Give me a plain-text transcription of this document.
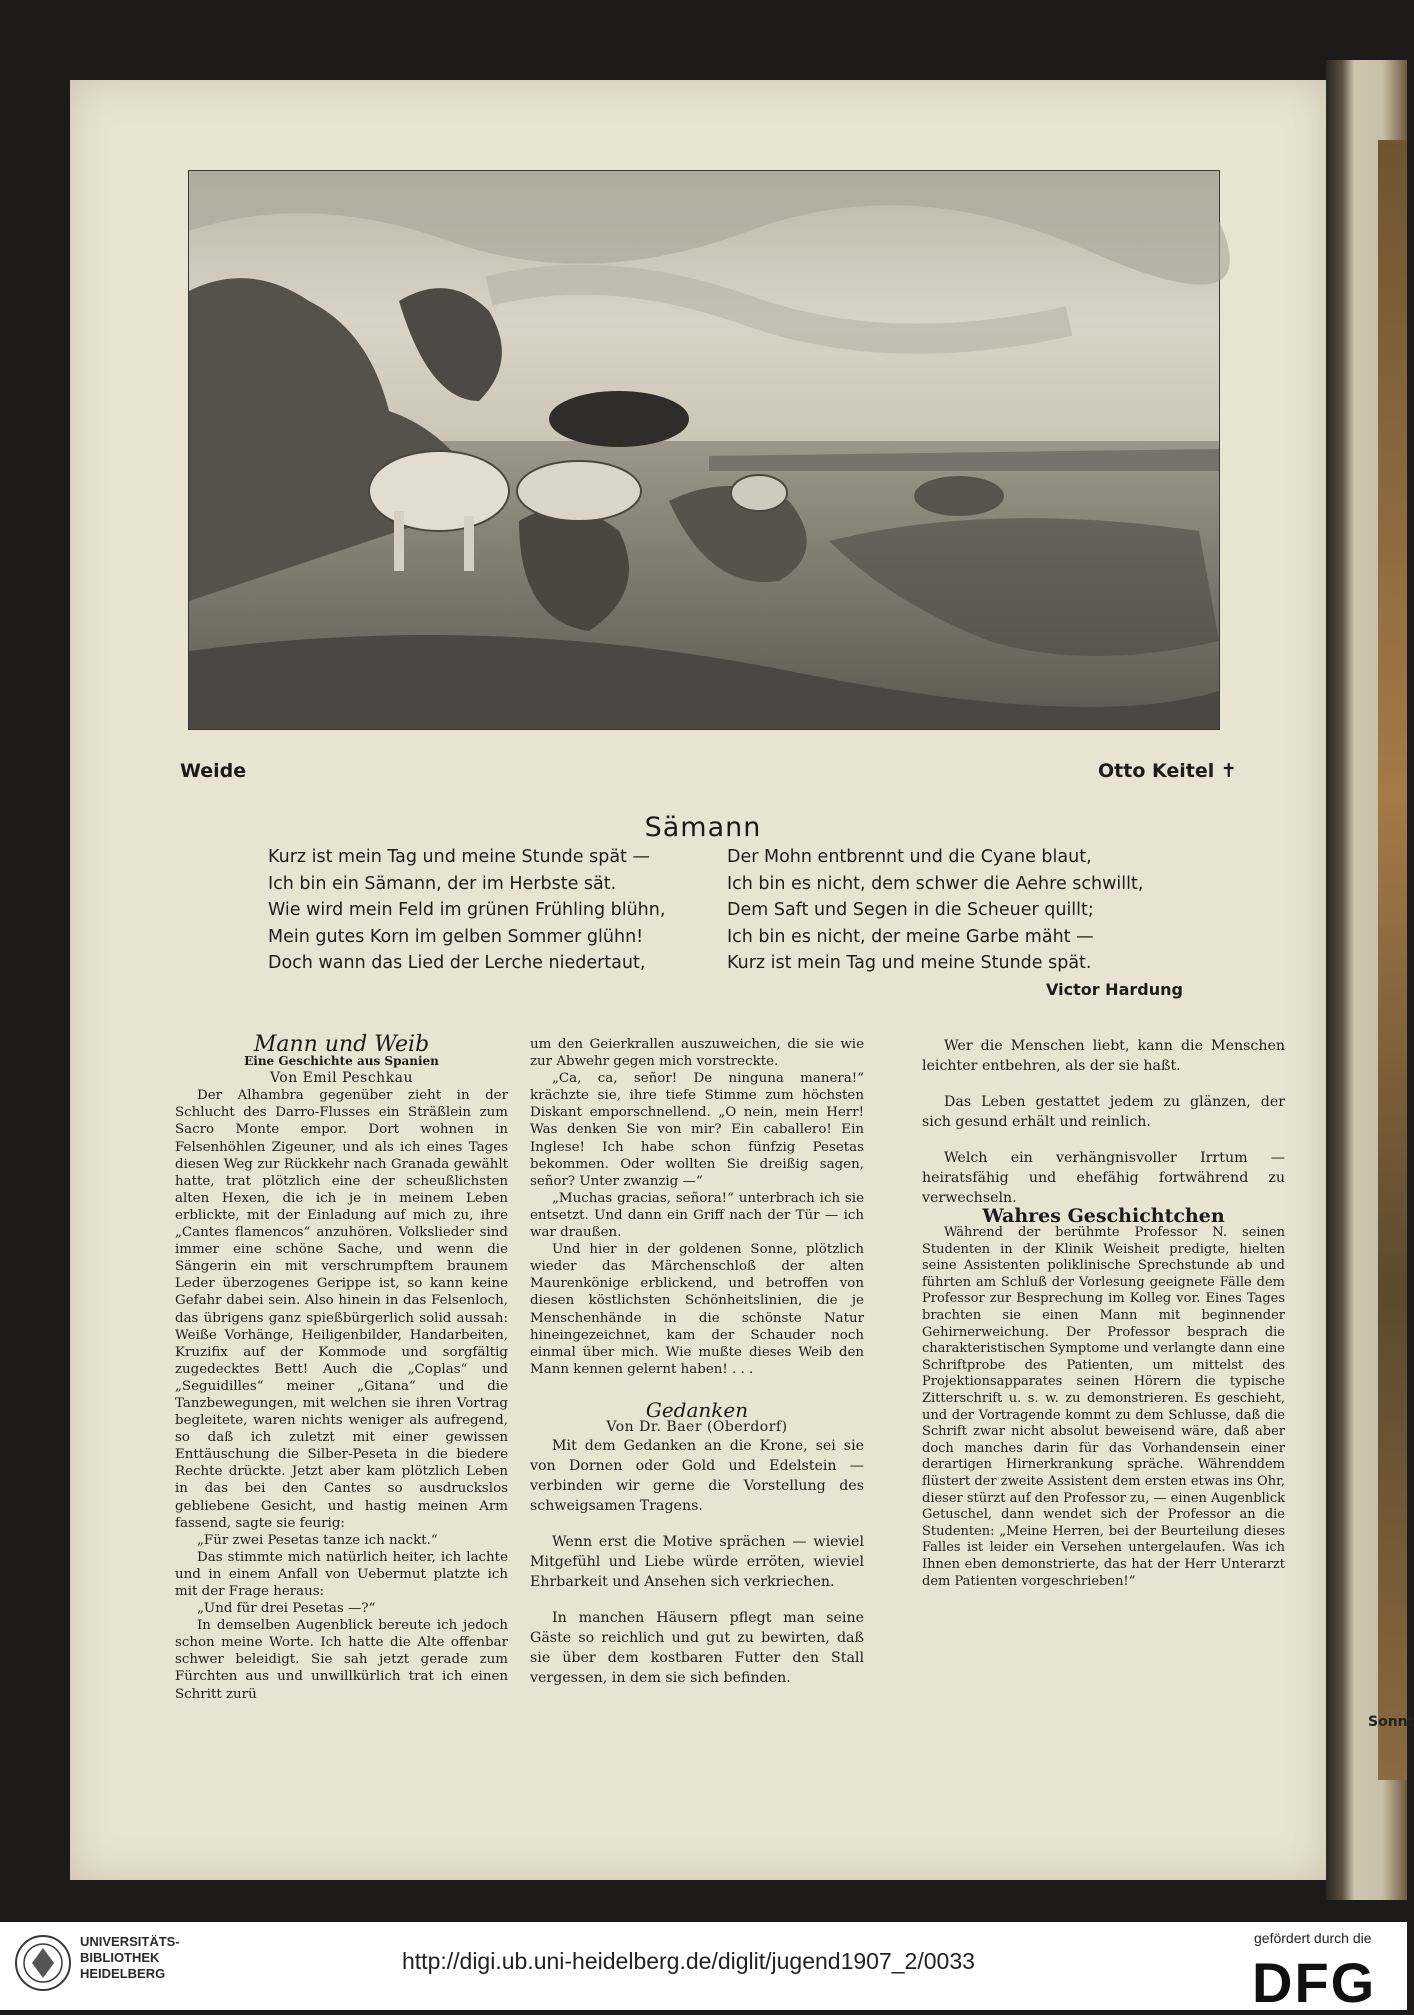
Sonnt
Weide	Otto Keitel ✝
Sämann
Kurz ist mein Tag und meine Stunde spät —
Ich bin ein Sämann, der im Herbste sät.
Wie wird mein Feld im grünen Frühling blühn,
Mein gutes Korn im gelben Sommer glühn!
Doch wann das Lied der Lerche niedertaut,
Der Mohn entbrennt und die Cyane blaut,
Ich bin es nicht, dem schwer die Aehre schwillt,
Dem Saft und Segen in die Scheuer quillt;
Ich bin es nicht, der meine Garbe mäht —
Kurz ist mein Tag und meine Stunde spät.
Victor Hardung

Mann und Weib

Eine Geschichte aus Spanien

Von Emil Peschkau

Der Alhambra gegenüber zieht in der Schlucht des Darro-Flusses ein Sträßlein zum Sacro Monte empor. Dort wohnen in Felsenhöhlen Zigeuner, und als ich eines Tages diesen Weg zur Rückkehr nach Granada gewählt hatte, trat plötzlich eine der scheußlichsten alten Hexen, die ich je in meinem Leben erblickte, mit der Einladung auf mich zu, ihre „Cantes flamencos“ anzuhören. Volkslieder sind immer eine schöne Sache, und wenn die Sängerin ein mit verschrumpftem braunem Leder überzogenes Gerippe ist, so kann keine Gefahr dabei sein. Also hinein in das Felsenloch, das übrigens ganz spießbürgerlich solid aussah: Weiße Vorhänge, Heiligenbilder, Handarbeiten, Kruzifix auf der Kommode und sorgfältig zugedecktes Bett! Auch die „Coplas“ und „Seguidilles“ meiner „Gitana“ und die Tanzbewegungen, mit welchen sie ihren Vortrag begleitete, waren nichts weniger als aufregend, so daß ich zuletzt mit einer gewissen Enttäuschung die Silber-Peseta in die biedere Rechte drückte. Jetzt aber kam plötzlich Leben in das bei den Cantes so ausdruckslos gebliebene Gesicht, und hastig meinen Arm fassend, sagte sie feurig:

„Für zwei Pesetas tanze ich nackt.“

Das stimmte mich natürlich heiter, ich lachte und in einem Anfall von Uebermut platzte ich mit der Frage heraus:

„Und für drei Pesetas —?“

In demselben Augenblick bereute ich jedoch schon meine Worte. Ich hatte die Alte offenbar schwer beleidigt. Sie sah jetzt gerade zum Fürchten aus und unwillkürlich trat ich einen Schritt zurü

um den Geierkrallen auszuweichen, die sie wie zur Abwehr gegen mich vorstreckte.

„Ca, ca, señor! De ninguna manera!“ krächzte sie, ihre tiefe Stimme zum höchsten Diskant emporschnellend. „O nein, mein Herr! Was denken Sie von mir? Ein caballero! Ein Inglese! Ich habe schon fünfzig Pesetas bekommen. Oder wollten Sie dreißig sagen, señor? Unter zwanzig —“

„Muchas gracias, señora!“ unterbrach ich sie entsetzt. Und dann ein Griff nach der Tür — ich war draußen.

Und hier in der goldenen Sonne, plötzlich wieder das Märchenschloß der alten Maurenkönige erblickend, und betroffen von diesen köstlichsten Schönheitslinien, die je Menschenhände in die schönste Natur hineingezeichnet, kam der Schauder noch einmal über mich. Wie mußte dieses Weib den Mann kennen gelernt haben! . . .

Gedanken

Von Dr. Baer (Oberdorf)

Mit dem Gedanken an die Krone, sei sie von Dornen oder Gold und Edelstein — verbinden wir gerne die Vorstellung des schweigsamen Tragens.

Wenn erst die Motive sprächen — wieviel Mitgefühl und Liebe würde erröten, wieviel Ehrbarkeit und Ansehen sich verkriechen.

In manchen Häusern pflegt man seine Gäste so reichlich und gut zu bewirten, daß sie über dem kostbaren Futter den Stall vergessen, in dem sie sich befinden.

Wer die Menschen liebt, kann die Menschen leichter entbehren, als der sie haßt.

Das Leben gestattet jedem zu glänzen, der sich gesund erhält und reinlich.

Welch ein verhängnisvoller Irrtum — heiratsfähig und ehefähig fortwährend zu verwechseln.

Wahres Geschichtchen

Während der berühmte Professor N. seinen Studenten in der Klinik Weisheit predigte, hielten seine Assistenten poliklinische Sprechstunde ab und führten am Schluß der Vorlesung geeignete Fälle dem Professor zur Besprechung im Kolleg vor. Eines Tages brachten sie einen Mann mit beginnender Gehirnerweichung. Der Professor besprach die charakteristischen Symptome und verlangte dann eine Schriftprobe des Patienten, um mittelst des Projektionsapparates seinen Hörern die typische Zitterschrift u. s. w. zu demonstrieren. Es geschieht, und der Vortragende kommt zu dem Schlusse, daß die Schrift zwar nicht absolut beweisend wäre, daß aber doch manches darin für das Vorhandensein einer derartigen Hirnerkrankung spräche. Währenddem flüstert der zweite Assistent dem ersten etwas ins Ohr, dieser stürzt auf den Professor zu, — einen Augenblick Getuschel, dann wendet sich der Professor an die Studenten: „Meine Herren, bei der Beurteilung dieses Falles ist leider ein Versehen untergelaufen. Was ich Ihnen eben demonstrierte, das hat der Herr Unterarzt dem Patienten vorgeschrieben!“

UNIVERSITÄTS-
BIBLIOTHEK
HEIDELBERG	http://digi.ub.uni-heidelberg.de/diglit/jugend1907_2/0033
gefördert durch die
DFG
